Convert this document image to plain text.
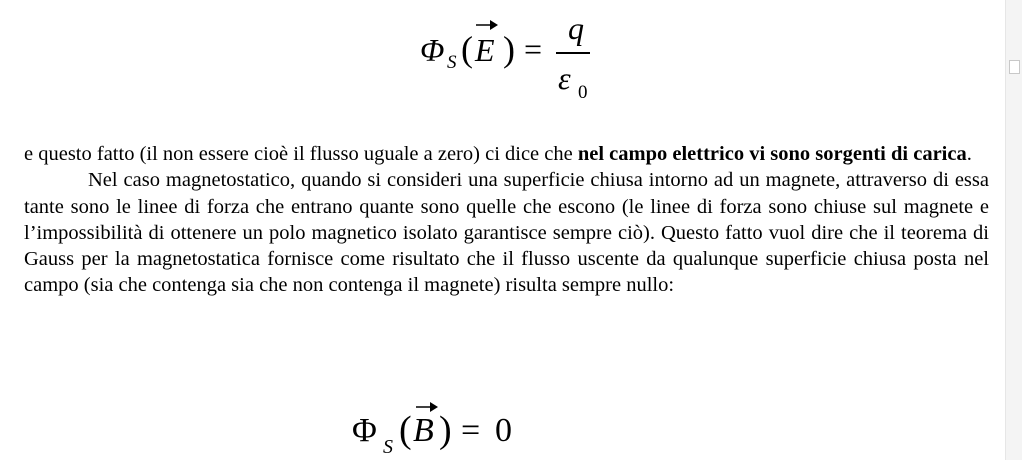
Φ S ( E ) =
q
ε 0

e questo fatto (il non essere cioè il flusso uguale a zero) ci dice che nel campo elettrico vi sono sorgenti di carica.

Nel caso magnetostatico, quando si consideri una superficie chiusa intorno ad un magnete, attraverso di essa tante sono le linee di forza che entrano quante sono quelle che escono (le linee di forza sono chiuse sul magnete e l’impossibilità di ottenere un polo magnetico isolato garantisce sempre ciò). Questo fatto vuol dire che il teorema di Gauss per la magnetostatica fornisce come risultato che il flusso uscente da qualunque superficie chiusa posta nel campo (sia che contenga sia che non contenga il magnete) risulta sempre nullo:

Φ S ( B ) = 0
